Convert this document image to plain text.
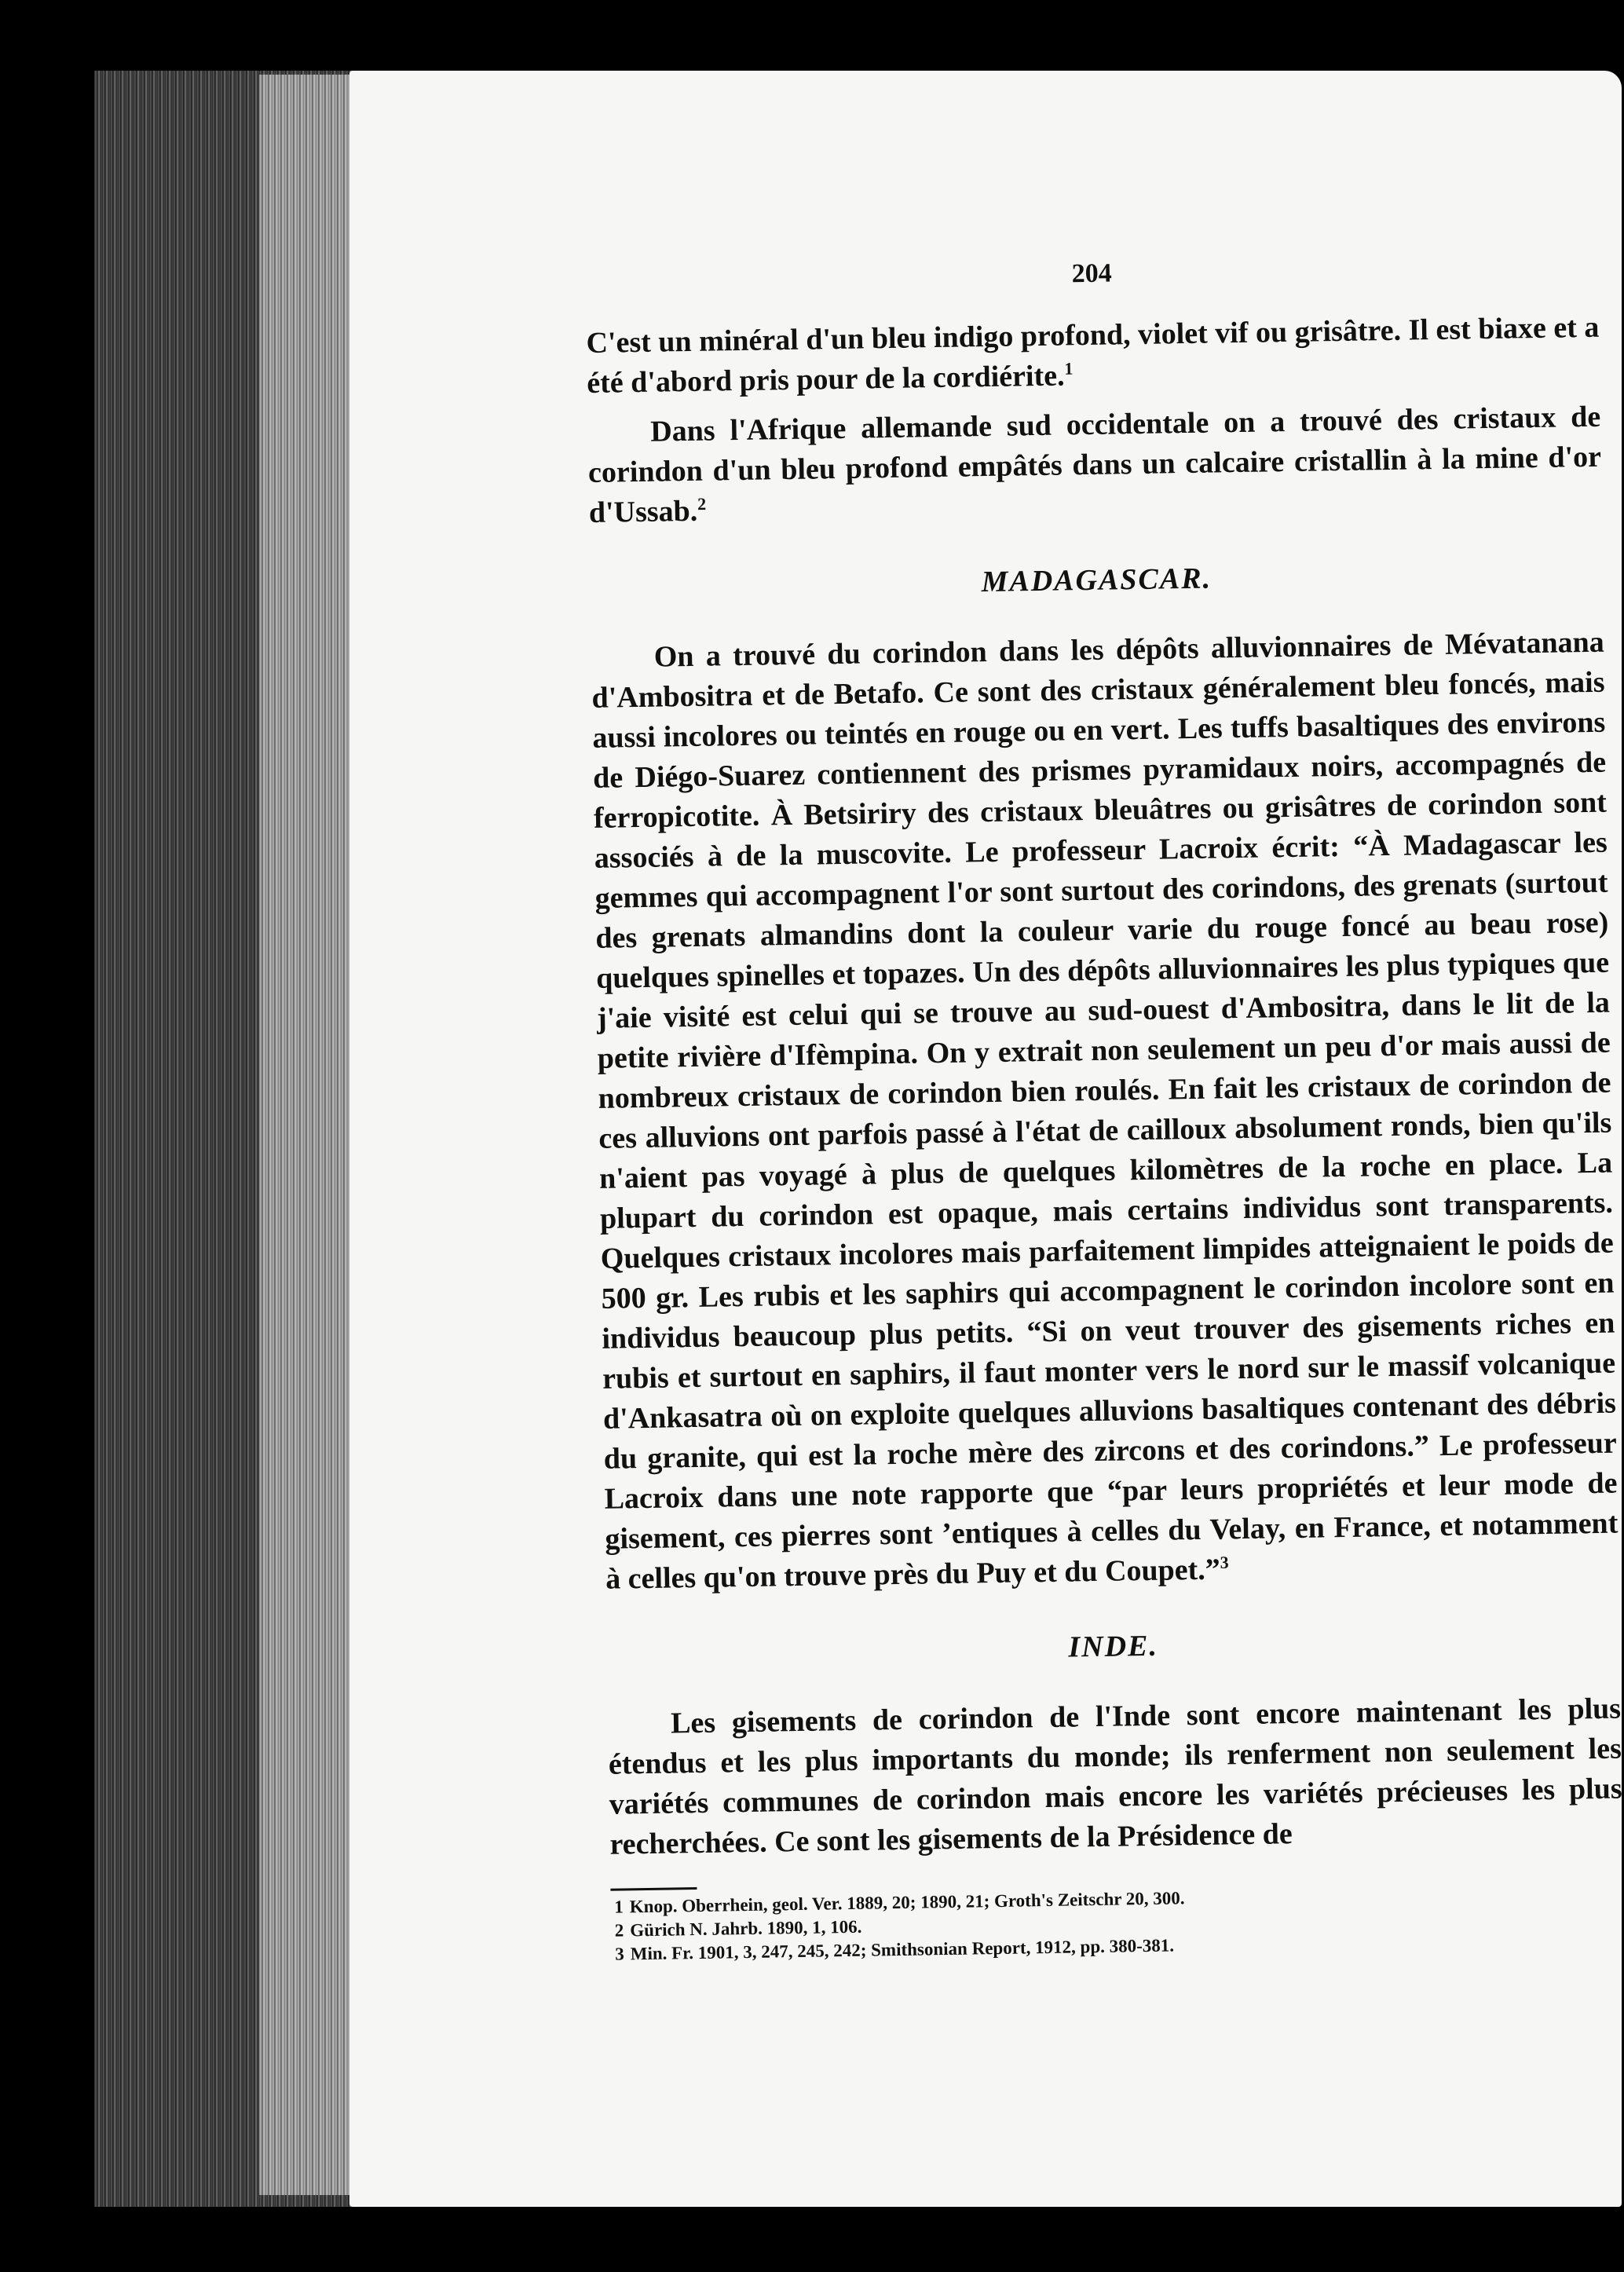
204

C'est un minéral d'un bleu indigo profond, violet vif ou grisâtre. Il est biaxe et a été d'abord pris pour de la cordiérite.$^1$

Dans l'Afrique allemande sud occidentale on a trouvé des cristaux de corindon d'un bleu profond empâtés dans un calcaire cristallin à la mine d'or d'Ussab.$^2$

MADAGASCAR.

On a trouvé du corindon dans les dépôts alluvionnaires de Mévatanana d'Ambositra et de Betafo. Ce sont des cristaux généralement bleu foncés, mais aussi incolores ou teintés en rouge ou en vert. Les tuffs basaltiques des environs de Diégo-Suarez contiennent des prismes pyramidaux noirs, accompagnés de ferropicotite. À Betsiriry des cristaux bleuâtres ou grisâtres de corindon sont associés à de la muscovite. Le professeur Lacroix écrit: “À Madagascar les gemmes qui accompagnent l'or sont surtout des corindons, des grenats (surtout des grenats almandins dont la couleur varie du rouge foncé au beau rose) quelques spinelles et topazes. Un des dépôts alluvionnaires les plus typiques que j'aie visité est celui qui se trouve au sud-ouest d'Ambositra, dans le lit de la petite rivière d'Ifèmpina. On y extrait non seulement un peu d'or mais aussi de nombreux cristaux de corindon bien roulés. En fait les cristaux de corindon de ces alluvions ont parfois passé à l'état de cailloux absolument ronds, bien qu'ils n'aient pas voyagé à plus de quelques kilomètres de la roche en place. La plupart du corindon est opaque, mais certains individus sont transparents. Quelques cristaux incolores mais parfaitement limpides atteignaient le poids de 500 gr. Les rubis et les saphirs qui accompagnent le corindon incolore sont en individus beaucoup plus petits. “Si on veut trouver des gisements riches en rubis et surtout en saphirs, il faut monter vers le nord sur le massif volcanique d'Ankasatra où on exploite quelques alluvions basaltiques contenant des débris du granite, qui est la roche mère des zircons et des corindons.” Le professeur Lacroix dans une note rapporte que “par leurs propriétés et leur mode de gisement, ces pierres sont ’entiques à celles du Velay, en France, et notamment à celles qu'on trouve près du Puy et du Coupet.”$^3$

INDE.

Les gisements de corindon de l'Inde sont encore maintenant les plus étendus et les plus importants du monde; ils renferment non seulement les variétés communes de corindon mais encore les variétés précieuses les plus recherchées. Ce sont les gisements de la Présidence de

1 Knop. Oberrhein, geol. Ver. 1889, 20; 1890, 21; Groth's Zeitschr 20, 300.
2 Gürich N. Jahrb. 1890, 1, 106.
3 Min. Fr. 1901, 3, 247, 245, 242; Smithsonian Report, 1912, pp. 380-381.
